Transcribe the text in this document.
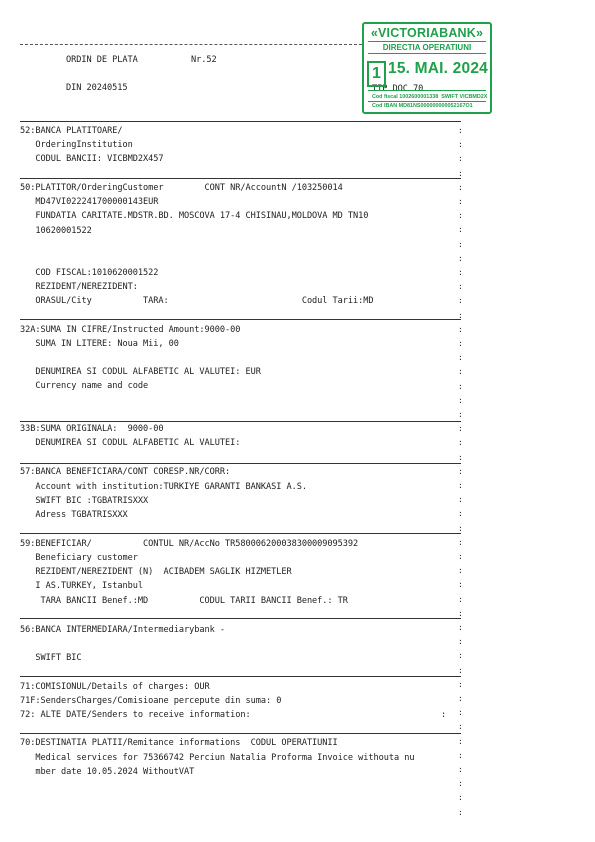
ORDIN DE PLATA	Nr.52
DIN 20240515	TIP DOC 70
«VICTORIABANK»
DIRECTIA OPERATIUNI
1 15. MAI. 2024
Cod fiscal 1002600001338  SWIFT VICBMD2X
Cod IBAN MD81NS000000000052167O1
52:BANCA PLATITOARE/
OrderingInstitution
CODUL BANCII: VICBMD2X457
50:PLATITOR/OrderingCustomer        CONT NR/AccountN /103250014
MD47VI022241700000143EUR
FUNDATIA CARITATE.MDSTR.BD. MOSCOVA 17-4 CHISINAU,MOLDOVA MD TN10
10620001522
COD FISCAL:1010620001522
REZIDENT/NEREZIDENT:
ORASUL/City          TARA:                          Codul Tarii:MD
32A:SUMA IN CIFRE/Instructed Amount:9000-00
SUMA IN LITERE: Noua Mii, 00
DENUMIREA SI CODUL ALFABETIC AL VALUTEI: EUR
Currency name and code
33B:SUMA ORIGINALA:  9000-00
DENUMIREA SI CODUL ALFABETIC AL VALUTEI:
57:BANCA BENEFICIARA/CONT CORESP.NR/CORR:
Account with institution:TURKIYE GARANTI BANKASI A.S.
SWIFT BIC :TGBATRISXXX
Adress TGBATRISXXX
59:BENEFICIAR/          CONTUL NR/AccNo TR580006200038300009095392
Beneficiary customer
REZIDENT/NEREZIDENT (N)  ACIBADEM SAGLIK HIZMETLER
I AS.TURKEY, Istanbul
TARA BANCII Benef.:MD          CODUL TARII BANCII Benef.: TR
56:BANCA INTERMEDIARA/Intermediarybank -
SWIFT BIC
71:COMISIONUL/Details of charges: OUR
71F:SendersCharges/Comisioane percepute din suma: 0
72: ALTE DATE/Senders to receive information:	:
70:DESTINATIA PLATII/Remitance informations  CODUL OPERATIUNII
Medical services for 75366742 Perciun Natalia Proforma Invoice withouta nu
mber date 10.05.2024 WithoutVAT
:
:
:
:
:
:
:
:
:
:
:
:
:
:
:
:
:
:
:
:
:
:
:
:
:
:
:
:
:
:
:
:
:
:
:
:
:
:
:
:
:
:
:
:
:
:
:
:
:
